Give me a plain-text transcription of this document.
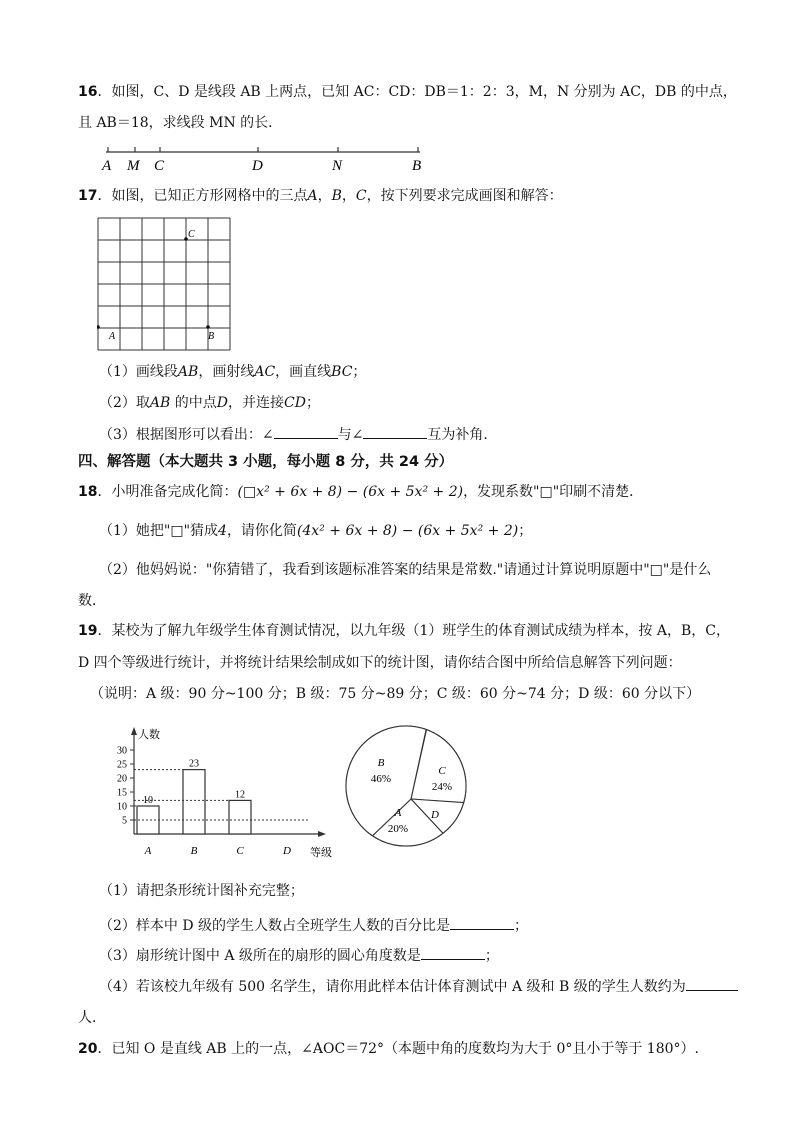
16．如图，C、D 是线段 AB 上两点，已知 AC：CD：DB＝1：2：3，M，N 分别为 AC，DB 的中点，
且 AB＝18，求线段 MN 的长．
A M C	D	N	B
17．如图，已知正方形网格中的三点A，B，C，按下列要求完成画图和解答：
C
A	B
（1）画线段AB，画射线AC，画直线BC；
（2）取AB 的中点D，并连接CD；
（3）根据图形可以看出：∠	与∠	互为补角．
四、解答题（本大题共 3 小题，每小题 8 分，共 24 分）
18．小明准备完成化简：(□x² + 6x + 8) − (6x + 5x² + 2)，发现系数"□"印刷不清楚．
（1）她把"□"猜成4，请你化简(4x² + 6x + 8) − (6x + 5x² + 2)；
（2）他妈妈说："你猜错了，我看到该题标准答案的结果是常数."请通过计算说明原题中"□"是什么
数．
19．某校为了解九年级学生体育测试情况，以九年级（1）班学生的体育测试成绩为样本，按 A，B，C，
D 四个等级进行统计，并将统计结果绘制成如下的统计图，请你结合图中所给信息解答下列问题：
（说明：A 级：90 分~100 分；B 级：75 分~89 分；C 级：60 分~74 分；D 级：60 分以下）
人数
等级
5
10
15
20
25
30
A
10
B
23
C
12
D
B
46%
C
24%
A
20%
D
（1）请把条形统计图补充完整；
（2）样本中 D 级的学生人数占全班学生人数的百分比是	；
（3）扇形统计图中 A 级所在的扇形的圆心角度数是	；
（4）若该校九年级有 500 名学生，请你用此样本估计体育测试中 A 级和 B 级的学生人数约为
人．
20．已知 O 是直线 AB 上的一点，∠AOC＝72°（本题中角的度数均为大于 0°且小于等于 180°）.
